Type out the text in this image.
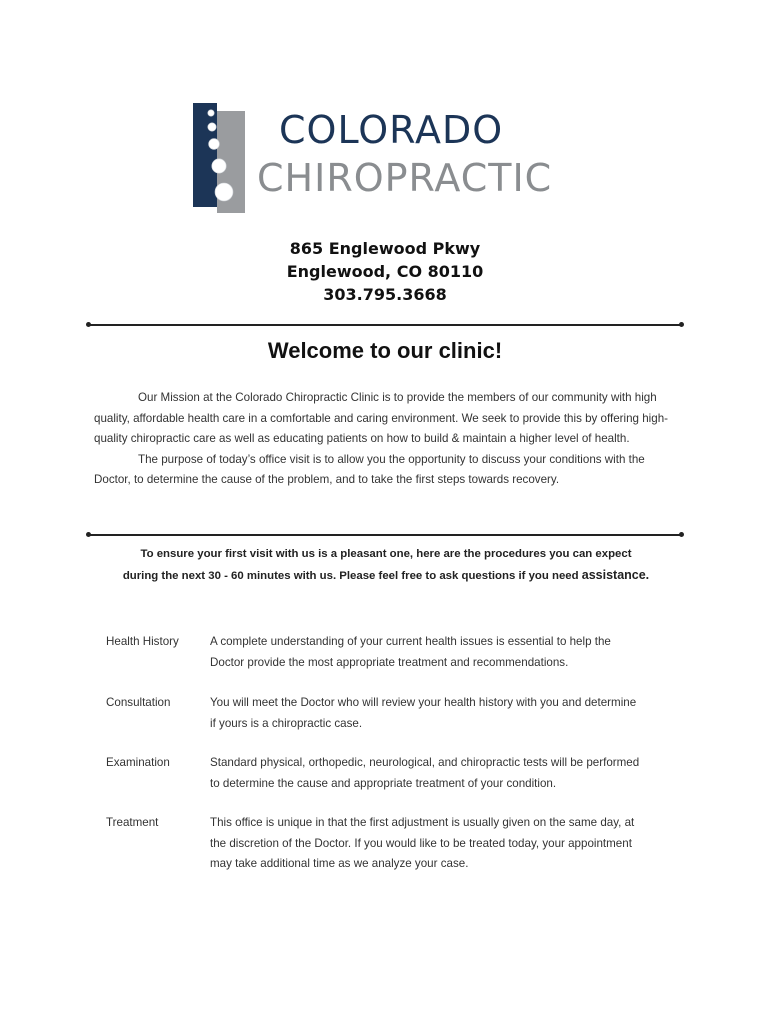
COLORADO
CHIROPRACTIC
865 Englewood Pkwy
Englewood, CO 80110
303.795.3668
Welcome to our clinic!

Our Mission at the Colorado Chiropractic Clinic is to provide the members of our community with high quality, affordable health care in a comfortable and caring environment. We seek to provide this by offering high-quality chiropractic care as well as educating patients on how to build & maintain a higher level of health.

The purpose of today’s office visit is to allow you the opportunity to discuss your conditions with the Doctor, to determine the cause of the problem, and to take the first steps towards recovery.

To ensure your first visit with us is a pleasant one, here are the procedures you can expect
during the next 30 - 60 minutes with us. Please feel free to ask questions if you need assistance.
Health History	A complete understanding of your current health issues is essential to help the Doctor provide the most appropriate treatment and recommendations.
Consultation	You will meet the Doctor who will review your health history with you and determine if yours is a chiropractic case.
Examination	Standard physical, orthopedic, neurological, and chiropractic tests will be performed to determine the cause and appropriate treatment of your condition.
Treatment	This office is unique in that the first adjustment is usually given on the same day, at the discretion of the Doctor. If you would like to be treated today, your appointment may take additional time as we analyze your case.
